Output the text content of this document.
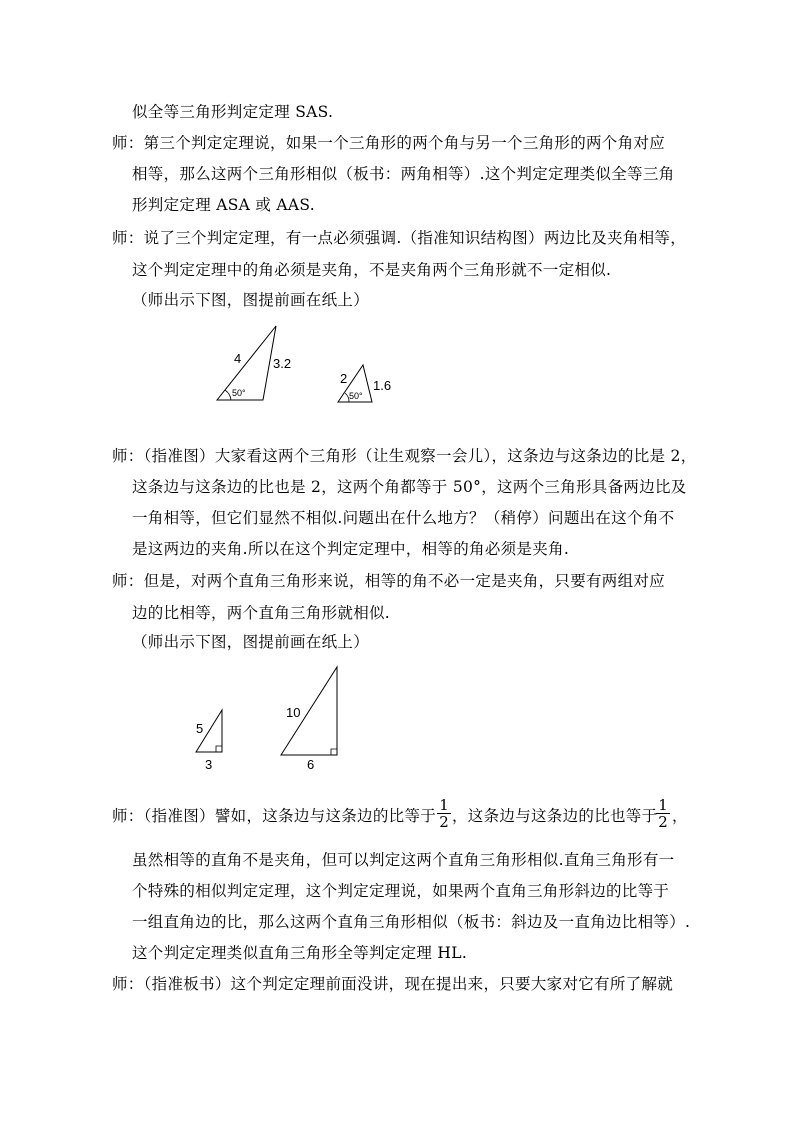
似全等三角形判定定理 SAS.
师：第三个判定定理说，如果一个三角形的两个角与另一个三角形的两个角对应
相等，那么这两个三角形相似（板书：两角相等）.这个判定定理类似全等三角
形判定定理 ASA 或 AAS.
师：说了三个判定定理，有一点必须强调.（指准知识结构图）两边比及夹角相等，
这个判定定理中的角必须是夹角，不是夹角两个三角形就不一定相似.
（师出示下图，图提前画在纸上）
4 3.2
50°
2 1.6
50°
师：（指准图）大家看这两个三角形（让生观察一会儿），这条边与这条边的比是 2，
这条边与这条边的比也是 2，这两个角都等于 50°，这两个三角形具备两边比及
一角相等，但它们显然不相似.问题出在什么地方？（稍停）问题出在这个角不
是这两边的夹角.所以在这个判定定理中，相等的角必须是夹角.
师：但是，对两个直角三角形来说，相等的角不必一定是夹角，只要有两组对应
边的比相等，两个直角三角形就相似.
（师出示下图，图提前画在纸上）
5
3
10
6
师：（指准图）譬如，这条边与这条边的比等于 $\frac{1}{2}$ ，这条边与这条边的比也等于
$\frac{1}{2}$ ，
虽然相等的直角不是夹角，但可以判定这两个直角三角形相似.直角三角形有一
个特殊的相似判定定理，这个判定定理说，如果两个直角三角形斜边的比等于
一组直角边的比，那么这两个直角三角形相似（板书：斜边及一直角边比相等）.
这个判定定理类似直角三角形全等判定定理 HL.
师：（指准板书）这个判定定理前面没讲，现在提出来，只要大家对它有所了解就
